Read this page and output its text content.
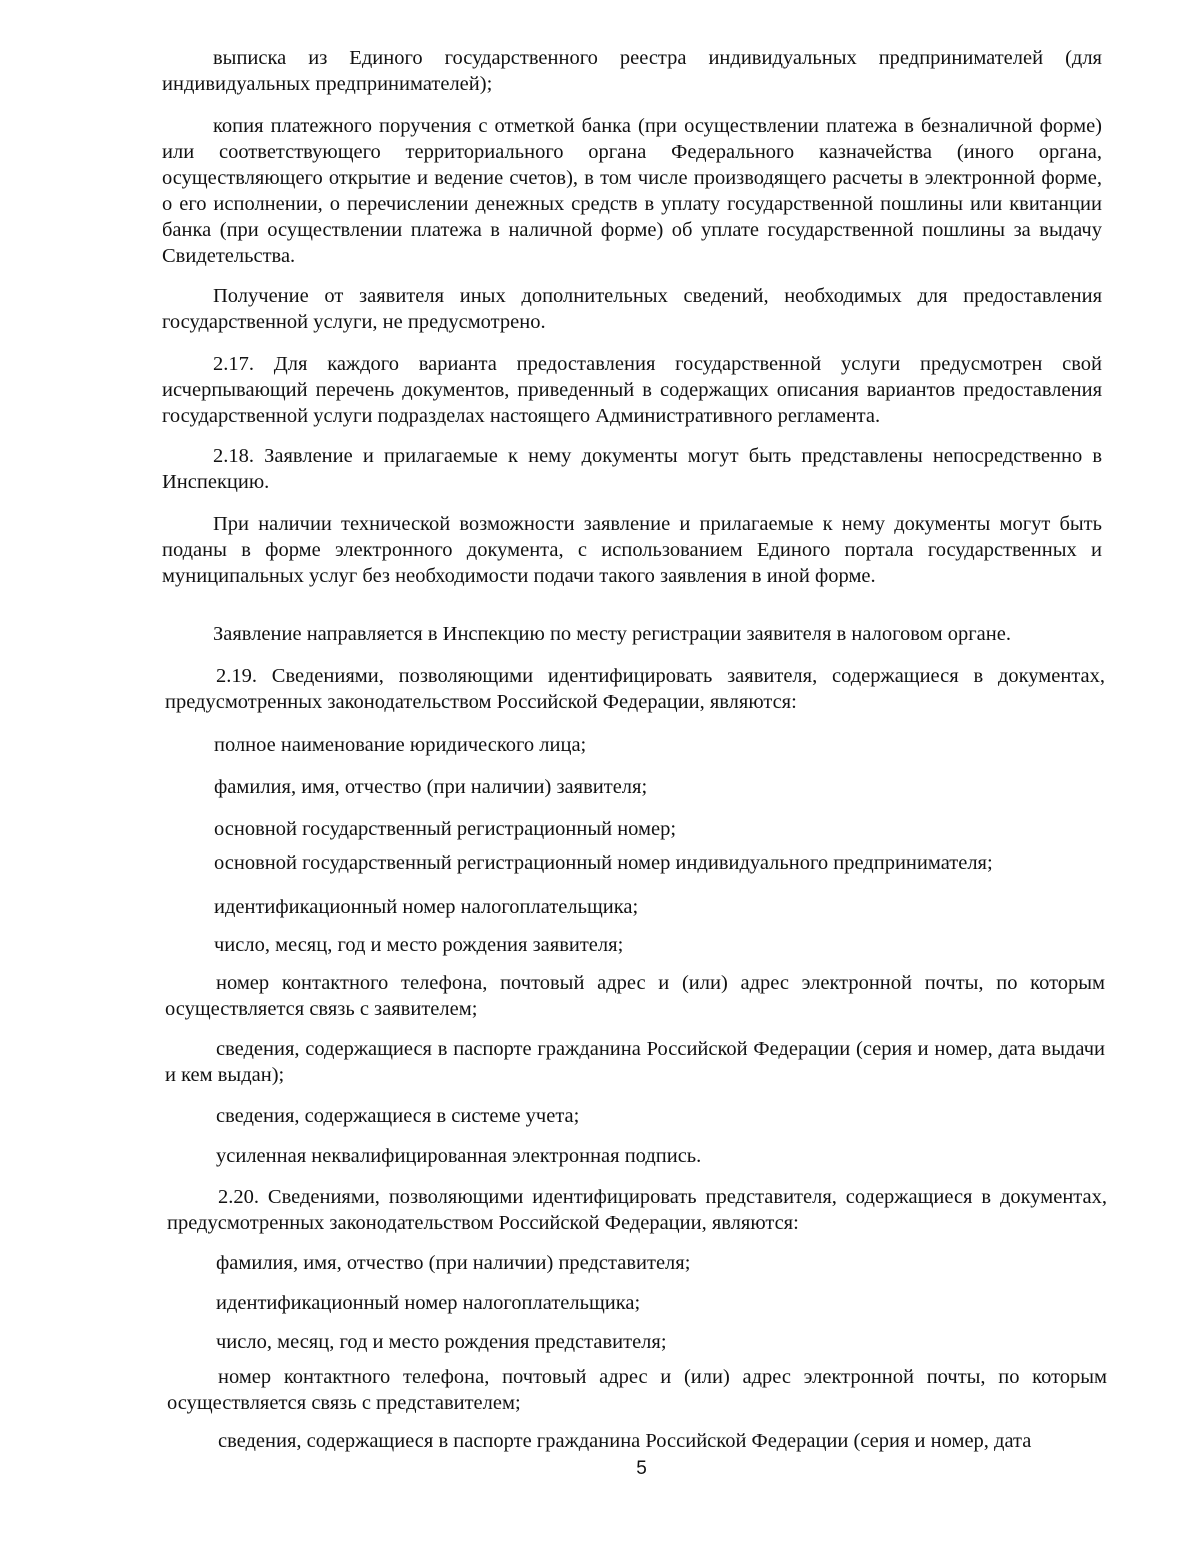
выписка из Единого государственного реестра индивидуальных предпринимателей (для индивидуальных предпринимателей);

копия платежного поручения с отметкой банка (при осуществлении платежа в безналичной форме) или соответствующего территориального органа Федерального казначейства (иного органа, осуществляющего открытие и ведение счетов), в том числе производящего расчеты в электронной форме, о его исполнении, о перечислении денежных средств в уплату государственной пошлины или квитанции банка (при осуществлении платежа в наличной форме) об уплате государственной пошлины за выдачу Свидетельства.

Получение от заявителя иных дополнительных сведений, необходимых для предоставления государственной услуги, не предусмотрено.

2.17. Для каждого варианта предоставления государственной услуги предусмотрен свой исчерпывающий перечень документов, приведенный в содержащих описания вариантов предоставления государственной услуги подразделах настоящего Административного регламента.

2.18. Заявление и прилагаемые к нему документы могут быть представлены непосредственно в Инспекцию.

При наличии технической возможности заявление и прилагаемые к нему документы могут быть поданы в форме электронного документа, с использованием Единого портала государственных и муниципальных услуг без необходимости подачи такого заявления в иной форме.

Заявление направляется в Инспекцию по месту регистрации заявителя в налоговом органе.

2.19. Сведениями, позволяющими идентифицировать заявителя, содержащиеся в документах, предусмотренных законодательством Российской Федерации, являются:

полное наименование юридического лица;

фамилия, имя, отчество (при наличии) заявителя;

основной государственный регистрационный номер;

основной государственный регистрационный номер индивидуального предпринимателя;

идентификационный номер налогоплательщика;

число, месяц, год и место рождения заявителя;

номер контактного телефона, почтовый адрес и (или) адрес электронной почты, по которым осуществляется связь с заявителем;

сведения, содержащиеся в паспорте гражданина Российской Федерации (серия и номер, дата выдачи и кем выдан);

сведения, содержащиеся в системе учета;

усиленная неквалифицированная электронная подпись.

2.20. Сведениями, позволяющими идентифицировать представителя, содержащиеся в документах, предусмотренных законодательством Российской Федерации, являются:

фамилия, имя, отчество (при наличии) представителя;

идентификационный номер налогоплательщика;

число, месяц, год и место рождения представителя;

номер контактного телефона, почтовый адрес и (или) адрес электронной почты, по которым осуществляется связь с представителем;

сведения, содержащиеся в паспорте гражданина Российской Федерации (серия и номер, дата

5
